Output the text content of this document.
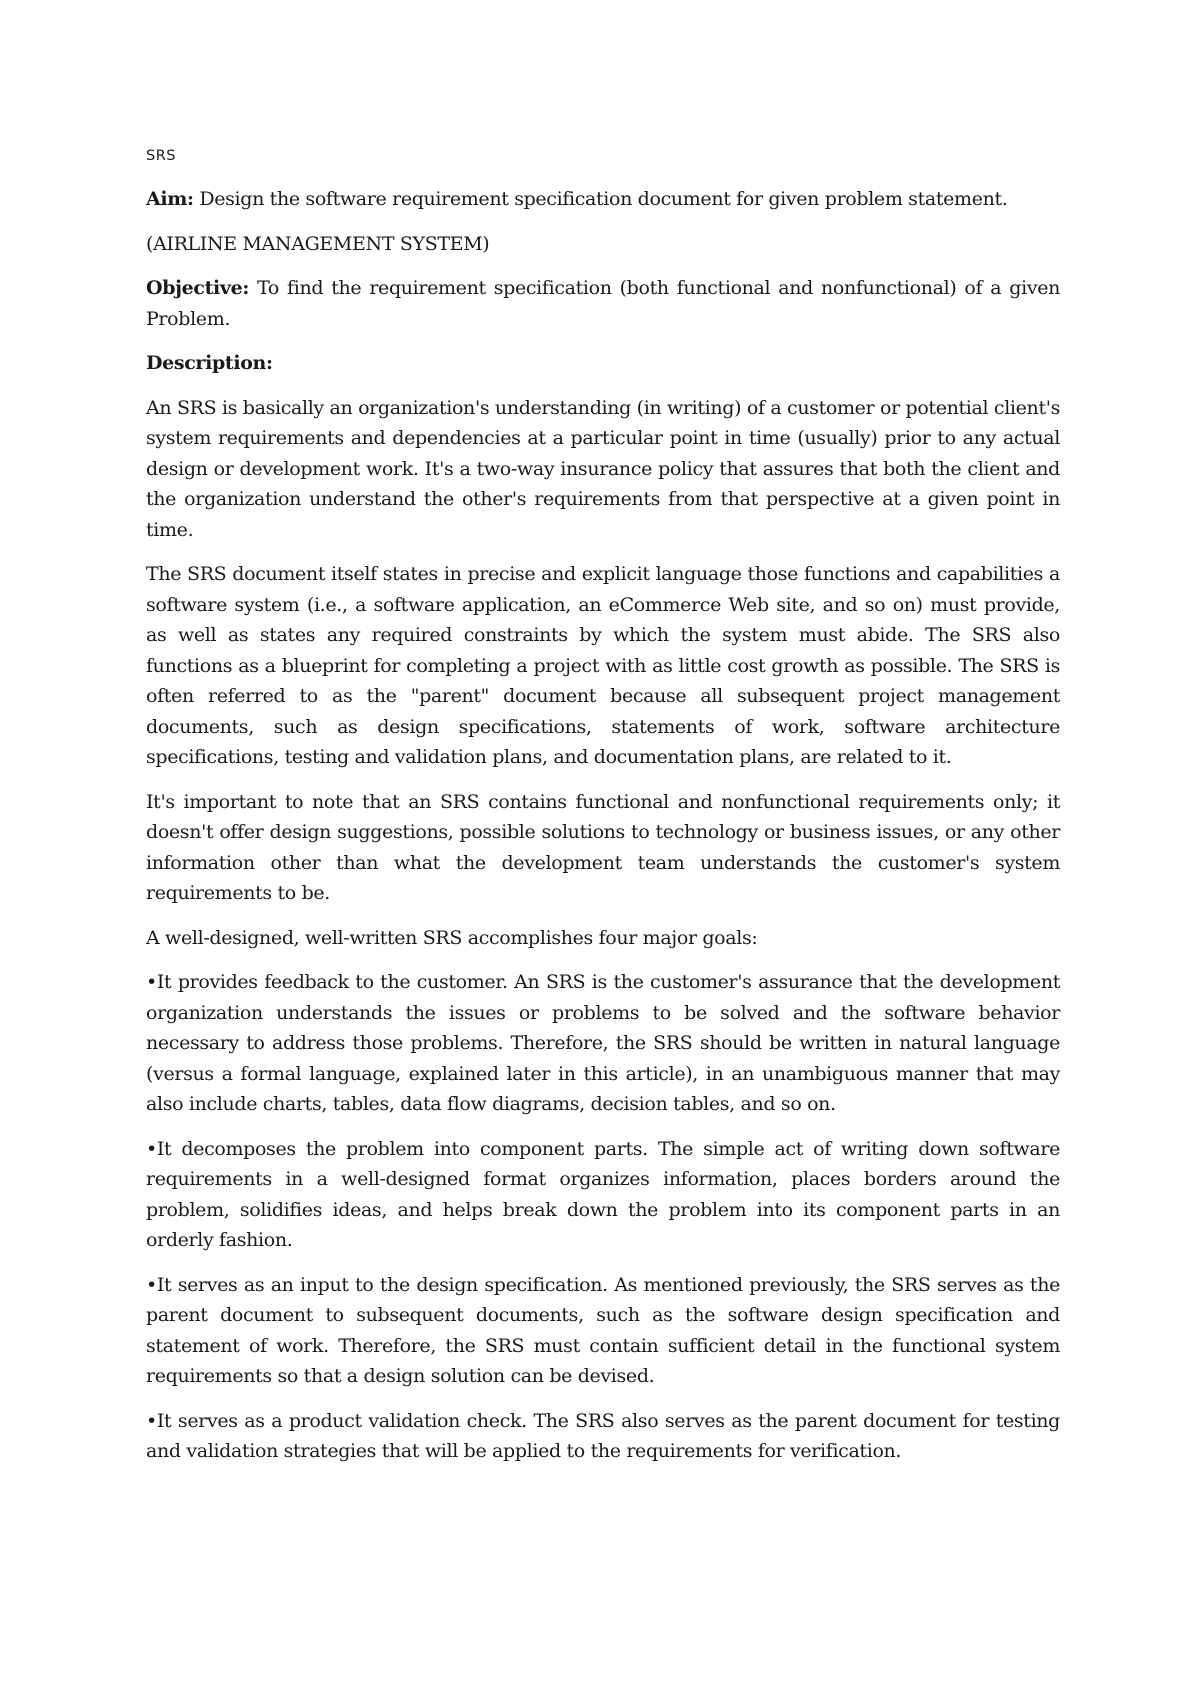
SRS

Aim: Design the software requirement specification document for given problem statement.

(AIRLINE MANAGEMENT SYSTEM)

Objective: To find the requirement specification (both functional and nonfunctional) of a given Problem.

Description:

An SRS is basically an organization's understanding (in writing) of a customer or potential client's system requirements and dependencies at a particular point in time (usually) prior to any actual design or development work. It's a two-way insurance policy that assures that both the client and the organization understand the other's requirements from that perspective at a given point in time.

The SRS document itself states in precise and explicit language those functions and capabilities a software system (i.e., a software application, an eCommerce Web site, and so on) must provide, as well as states any required constraints by which the system must abide. The SRS also functions as a blueprint for completing a project with as little cost growth as possible. The SRS is often referred to as the "parent" document because all subsequent project management documents, such as design specifications, statements of work, software architecture specifications, testing and validation plans, and documentation plans, are related to it.

It's important to note that an SRS contains functional and nonfunctional requirements only; it doesn't offer design suggestions, possible solutions to technology or business issues, or any other information other than what the development team understands the customer's system requirements to be.

A well-designed, well-written SRS accomplishes four major goals:

•It provides feedback to the customer. An SRS is the customer's assurance that the development organization understands the issues or problems to be solved and the software behavior necessary to address those problems. Therefore, the SRS should be written in natural language (versus a formal language, explained later in this article), in an unambiguous manner that may also include charts, tables, data flow diagrams, decision tables, and so on.

•It decomposes the problem into component parts. The simple act of writing down software requirements in a well-designed format organizes information, places borders around the problem, solidifies ideas, and helps break down the problem into its component parts in an orderly fashion.

•It serves as an input to the design specification. As mentioned previously, the SRS serves as the parent document to subsequent documents, such as the software design specification and statement of work. Therefore, the SRS must contain sufficient detail in the functional system requirements so that a design solution can be devised.

•It serves as a product validation check. The SRS also serves as the parent document for testing and validation strategies that will be applied to the requirements for verification.
